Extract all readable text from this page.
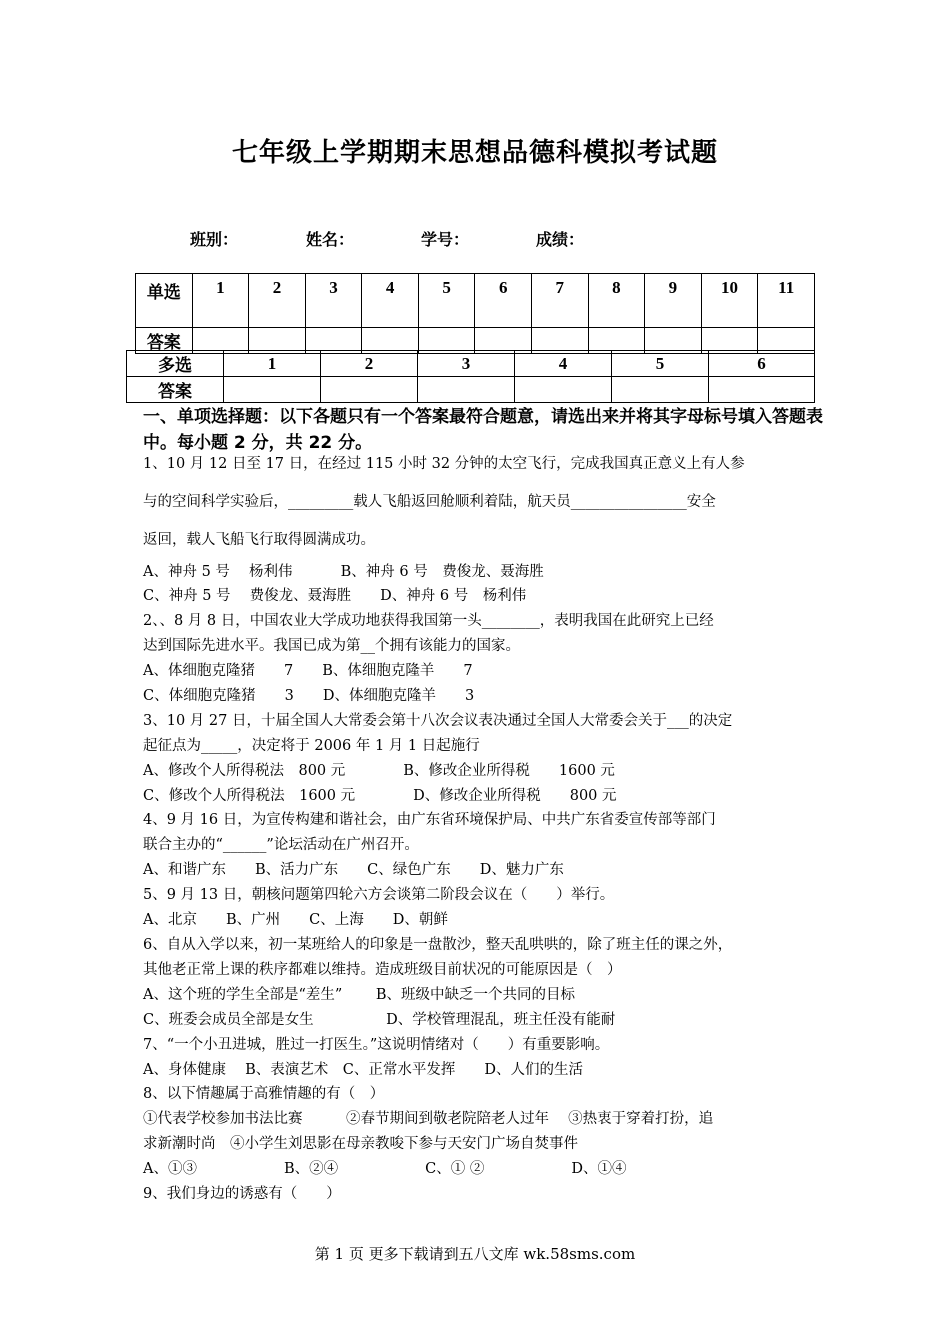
七年级上学期期末思想品德科模拟考试题
班别：	姓名：	学号：	成绩：
单选	1	2	3	4	5	6	7	8	9	10	11
答案											
多选	1	2	3	4	5	6
答案						
一、单项选择题：以下各题只有一个答案最符合题意，请选出来并将其字母标号填入答题表中。每小题 2 分，共 22 分。
1、10 月 12 日至 17 日，在经过 115 小时 32 分钟的太空飞行，完成我国真正意义上有人参
与的空间科学实验后，_________载人飞船返回舱顺利着陆，航天员________________安全
返回，载人飞船飞行取得圆满成功。
A、神舟 5 号　 杨利伟　　　 B、神舟 6 号　费俊龙、聂海胜
C、神舟 5 号　 费俊龙、聂海胜　　D、神舟 6 号　杨利伟
2、、8 月 8 日，中国农业大学成功地获得我国第一头________，表明我国在此研究上已经
达到国际先进水平。我国已成为第__个拥有该能力的国家。
A、体细胞克隆猪　　7　　B、体细胞克隆羊　　7
C、体细胞克隆猪　　3　　D、体细胞克隆羊　　3
3、10 月 27 日，十届全国人大常委会第十八次会议表决通过全国人大常委会关于___的决定
起征点为_____，决定将于 2006 年 1 月 1 日起施行
A、修改个人所得税法　800 元　　　　B、修改企业所得税　　1600 元
C、修改个人所得税法　1600 元　　　　D、修改企业所得税　　800 元
4、9 月 16 日，为宣传构建和谐社会，由广东省环境保护局、中共广东省委宣传部等部门
联合主办的“______”论坛活动在广州召开。
A、和谐广东　　B、活力广东　　C、绿色广东　　D、魅力广东
5、9 月 13 日，朝核问题第四轮六方会谈第二阶段会议在（　　）举行。
A、北京　　B、广州　　C、上海　　D、朝鲜
6、自从入学以来，初一某班给人的印象是一盘散沙，整天乱哄哄的，除了班主任的课之外，
其他老正常上课的秩序都难以维持。造成班级目前状况的可能原因是（　）
A、这个班的学生全部是“差生”　　 B、班级中缺乏一个共同的目标
C、班委会成员全部是女生　　　　　D、学校管理混乱，班主任没有能耐
7、“一个小丑进城，胜过一打医生。”这说明情绪对（　　）有重要影响。
A、身体健康　 B、表演艺术　C、正常水平发挥　　D、人们的生活
8、以下情趣属于高雅情趣的有（　）
①代表学校参加书法比赛　　　②春节期间到敬老院陪老人过年　 ③热衷于穿着打扮，追
求新潮时尚　④小学生刘思影在母亲教唆下参与天安门广场自焚事件
A、①③　　　　　　B、②④　　　　　　C、① ②　　　　　　D、①④
9、我们身边的诱惑有（　　）
第 1 页 更多下载请到五八文库 wk.58sms.com
